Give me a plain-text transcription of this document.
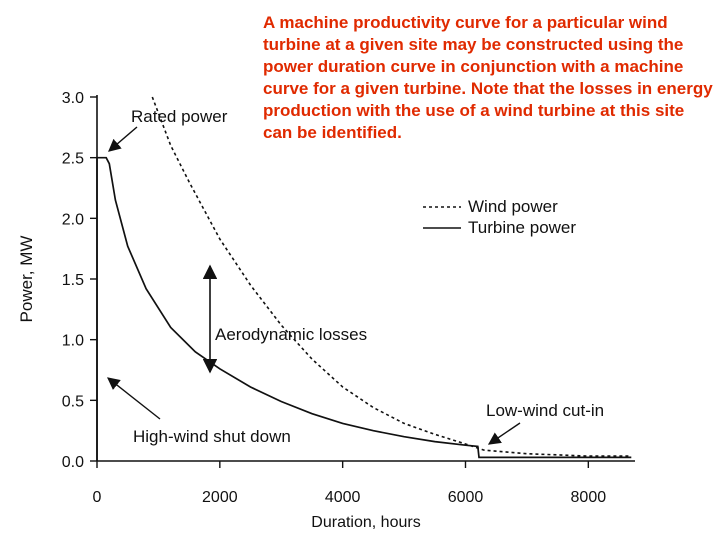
A machine productivity curve for a particular wind turbine at a given site may be constructed using the power duration curve in conjunction with a machine curve for a given turbine. Note that the losses in energy production with the use of a wind turbine at this site can be identified.
0.0
0.5
1.0
1.5
2.0
2.5
3.0
0	2000	4000	6000	8000
Duration, hours
Power, MW
Rated power
Aerodynamic losses
High-wind shut down
Low-wind cut-in
Wind power
Turbine power
